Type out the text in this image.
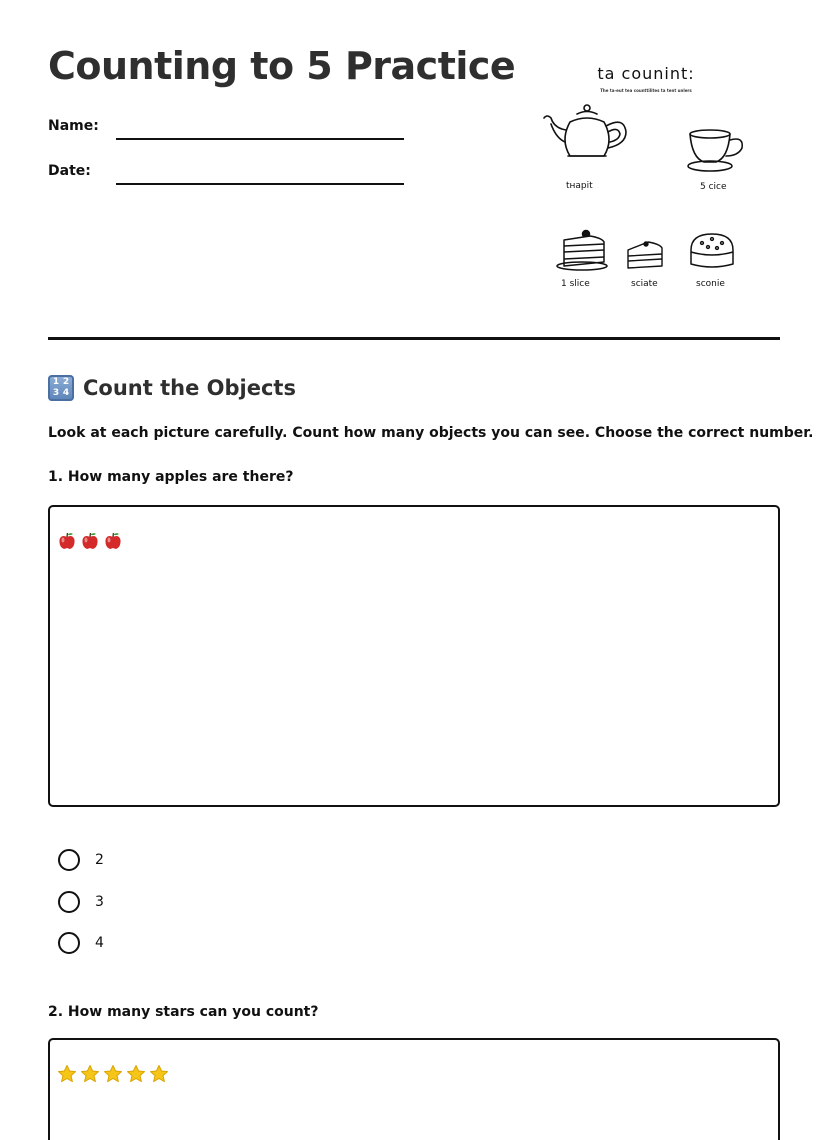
Counting to 5 Practice
Name:
Date:
ta counint:
The ta-eut tea counttilites ta tent unlers
tнapit	5 cice
1 slice	sciate	sconie
1 2
3 4 Count the Objects
Look at each picture carefully. Count how many objects you can see. Choose the correct number.
1. How many apples are there?
2
3
4
2. How many stars can you count?
